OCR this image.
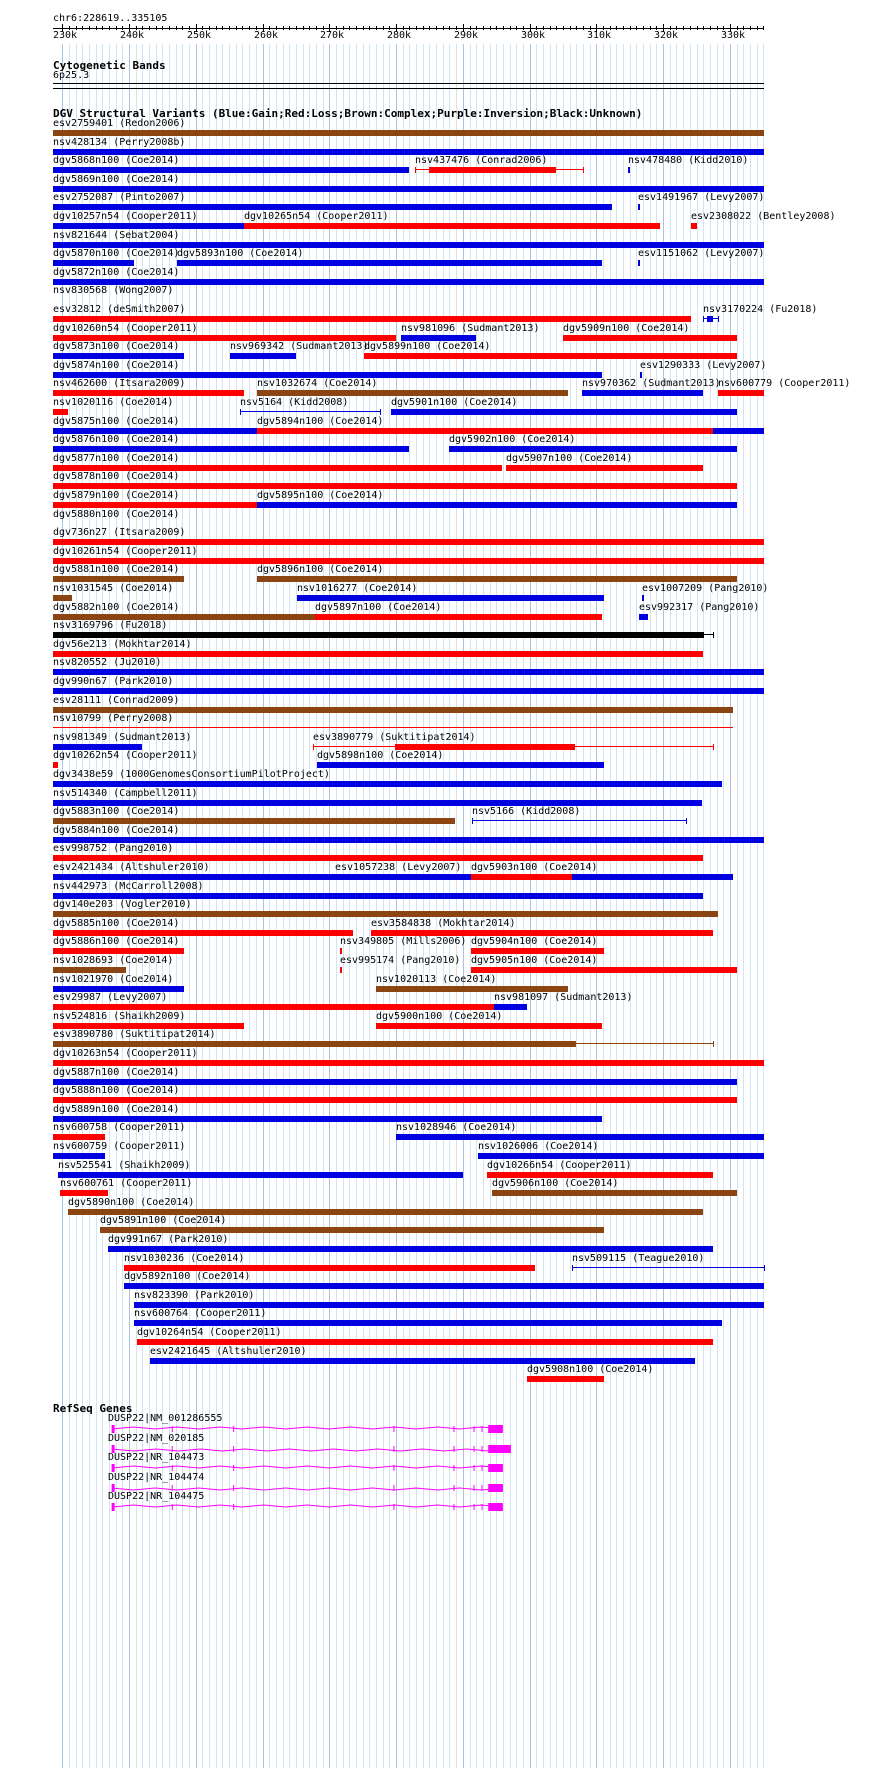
chr6:228619..335105
230k	240k	250k	260k	270k	280k	290k	300k	310k	320k	330k
Cytogenetic Bands
6p25.3
DGV Structural Variants (Blue:Gain;Red:Loss;Brown:Complex;Purple:Inversion;Black:Unknown)
esv2759401 (Redon2006)
nsv428134 (Perry2008b)
dgv5868n100 (Coe2014)	nsv437476 (Conrad2006)	nsv478480 (Kidd2010)
dgv5869n100 (Coe2014)
esv2752087 (Pinto2007)	esv1491967 (Levy2007)
dgv10257n54 (Cooper2011)	dgv10265n54 (Cooper2011)	esv2308022 (Bentley2008)
nsv821644 (Sebat2004)
dgv5870n100 (Coe2014)
dgv5893n100 (Coe2014)	esv1151062 (Levy2007)
dgv5872n100 (Coe2014)
nsv830568 (Wong2007)
esv32812 (deSmith2007)	nsv3170224 (Fu2018)
dgv10260n54 (Cooper2011)	nsv981096 (Sudmant2013) dgv5909n100 (Coe2014)
dgv5873n100 (Coe2014)	nsv969342 (Sudmant2013)
dgv5899n100 (Coe2014)
dgv5874n100 (Coe2014)	esv1290333 (Levy2007)
nsv462600 (Itsara2009)	nsv1032674 (Coe2014)	nsv970362 (Sudmant2013)
nsv600779 (Cooper2011)
nsv1020116 (Coe2014)	nsv5164 (Kidd2008)	dgv5901n100 (Coe2014)
dgv5875n100 (Coe2014)	dgv5894n100 (Coe2014)
dgv5876n100 (Coe2014)	dgv5902n100 (Coe2014)
dgv5877n100 (Coe2014)	dgv5907n100 (Coe2014)
dgv5878n100 (Coe2014)
dgv5879n100 (Coe2014)	dgv5895n100 (Coe2014)
dgv5880n100 (Coe2014)
dgv736n27 (Itsara2009)
dgv10261n54 (Cooper2011)
dgv5881n100 (Coe2014)	dgv5896n100 (Coe2014)
nsv1031545 (Coe2014)	nsv1016277 (Coe2014)	esv1007209 (Pang2010)
dgv5882n100 (Coe2014)	dgv5897n100 (Coe2014)	esv992317 (Pang2010)
nsv3169796 (Fu2018)
dgv56e213 (Mokhtar2014)
nsv820552 (Ju2010)
dgv990n67 (Park2010)
esv28111 (Conrad2009)
nsv10799 (Perry2008)
nsv981349 (Sudmant2013)	esv3890779 (Suktitipat2014)
dgv10262n54 (Cooper2011)	dgv5898n100 (Coe2014)
dgv3438e59 (1000GenomesConsortiumPilotProject)
nsv514340 (Campbell2011)
dgv5883n100 (Coe2014)	nsv5166 (Kidd2008)
dgv5884n100 (Coe2014)
esv998752 (Pang2010)
esv2421434 (Altshuler2010)	esv1057238 (Levy2007) dgv5903n100 (Coe2014)
nsv442973 (McCarroll2008)
dgv140e203 (Vogler2010)
dgv5885n100 (Coe2014)	esv3584838 (Mokhtar2014)
dgv5886n100 (Coe2014)	nsv349805 (Mills2006) dgv5904n100 (Coe2014)
nsv1028693 (Coe2014)	esv995174 (Pang2010) dgv5905n100 (Coe2014)
nsv1021970 (Coe2014)	nsv1020113 (Coe2014)
esv29987 (Levy2007)	nsv981097 (Sudmant2013)
nsv524816 (Shaikh2009)	dgv5900n100 (Coe2014)
esv3890780 (Suktitipat2014)
dgv10263n54 (Cooper2011)
dgv5887n100 (Coe2014)
dgv5888n100 (Coe2014)
dgv5889n100 (Coe2014)
nsv600758 (Cooper2011)	nsv1028946 (Coe2014)
nsv600759 (Cooper2011)	nsv1026006 (Coe2014)
nsv525541 (Shaikh2009)	dgv10266n54 (Cooper2011)
nsv600761 (Cooper2011)	dgv5906n100 (Coe2014)
dgv5890n100 (Coe2014)
dgv5891n100 (Coe2014)
dgv991n67 (Park2010)
nsv1030236 (Coe2014)	nsv509115 (Teague2010)
dgv5892n100 (Coe2014)
nsv823390 (Park2010)
nsv600764 (Cooper2011)
dgv10264n54 (Cooper2011)
esv2421645 (Altshuler2010)
dgv5908n100 (Coe2014)
RefSeq Genes
DUSP22|NM_001286555
DUSP22|NM_020185
DUSP22|NR_104473
DUSP22|NR_104474
DUSP22|NR_104475
